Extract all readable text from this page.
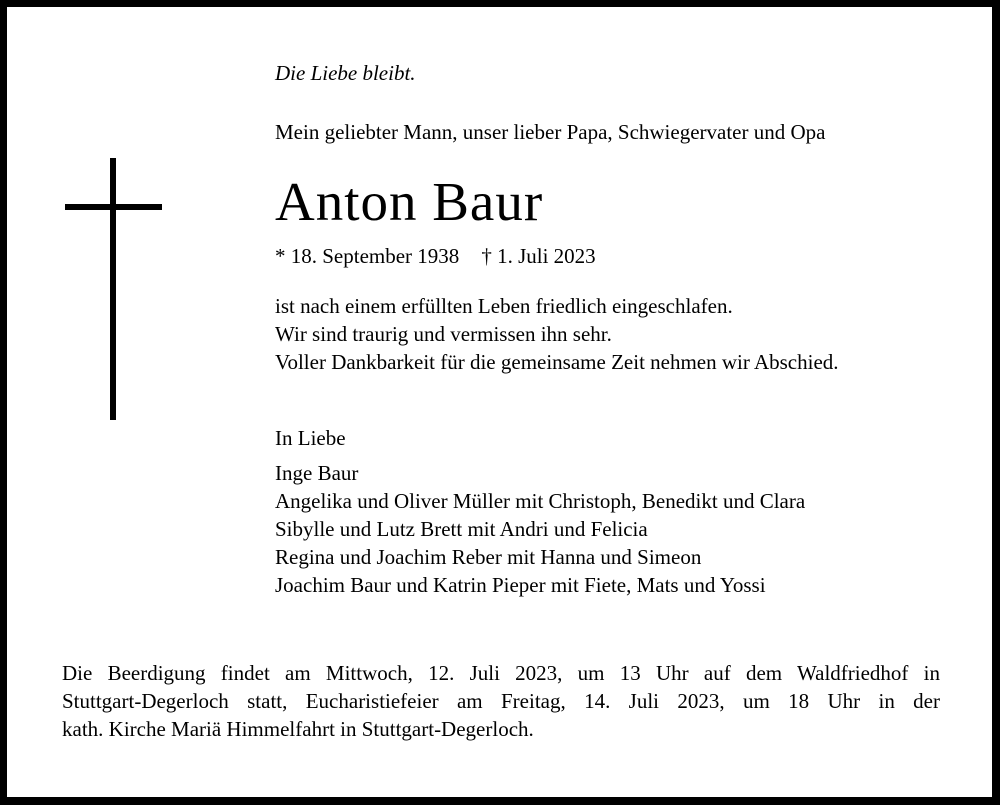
Die Liebe bleibt.
Mein geliebter Mann, unser lieber Papa, Schwiegervater und Opa
Anton Baur
* 18. September 1938 † 1. Juli 2023
ist nach einem erfüllten Leben friedlich eingeschlafen.
Wir sind traurig und vermissen ihn sehr.
Voller Dankbarkeit für die gemeinsame Zeit nehmen wir Abschied.
In Liebe
Inge Baur
Angelika und Oliver Müller mit Christoph, Benedikt und Clara
Sibylle und Lutz Brett mit Andri und Felicia
Regina und Joachim Reber mit Hanna und Simeon
Joachim Baur und Katrin Pieper mit Fiete, Mats und Yossi
Die Beerdigung findet am Mittwoch, 12. Juli 2023, um 13 Uhr auf dem Waldfriedhof in
Stuttgart-Degerloch statt, Eucharistiefeier am Freitag, 14. Juli 2023, um 18 Uhr in der
kath. Kirche Mariä Himmelfahrt in Stuttgart-Degerloch.
